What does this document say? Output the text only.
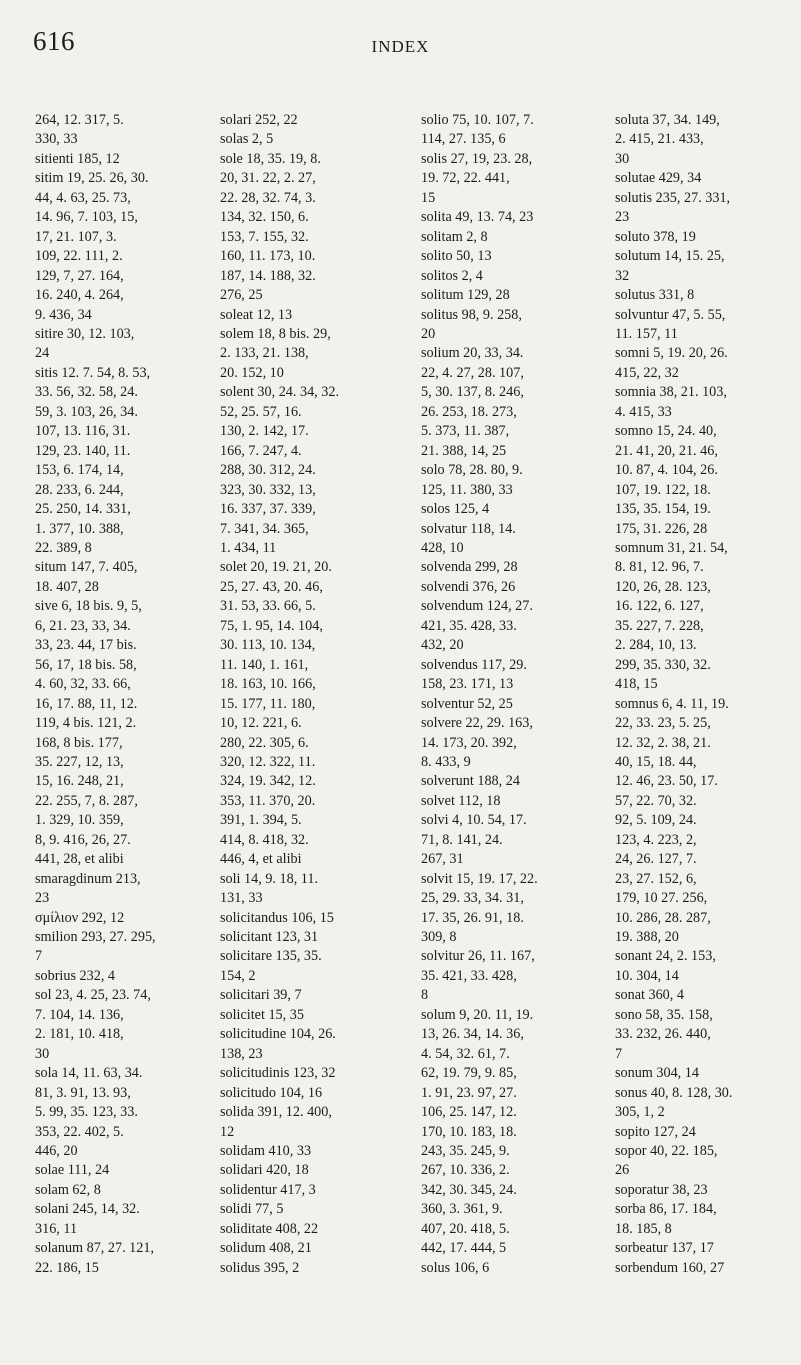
616	INDEX
264, 12. 317, 5.
330, 33
sitienti 185, 12
sitim 19, 25. 26, 30.
44, 4. 63, 25. 73,
14. 96, 7. 103, 15,
17, 21. 107, 3.
109, 22. 111, 2.
129, 7, 27. 164,
16. 240, 4. 264,
9. 436, 34
sitire 30, 12. 103,
24
sitis 12. 7. 54, 8. 53,
33. 56, 32. 58, 24.
59, 3. 103, 26, 34.
107, 13. 116, 31.
129, 23. 140, 11.
153, 6. 174, 14,
28. 233, 6. 244,
25. 250, 14. 331,
1. 377, 10. 388,
22. 389, 8
situm 147, 7. 405,
18. 407, 28
sive 6, 18 bis. 9, 5,
6, 21. 23, 33, 34.
33, 23. 44, 17 bis.
56, 17, 18 bis. 58,
4. 60, 32, 33. 66,
16, 17. 88, 11, 12.
119, 4 bis. 121, 2.
168, 8 bis. 177,
35. 227, 12, 13,
15, 16. 248, 21,
22. 255, 7, 8. 287,
1. 329, 10. 359,
8, 9. 416, 26, 27.
441, 28, et alibi
smaragdinum 213,
23
σμίλιον 292, 12
smilion 293, 27. 295,
7
sobrius 232, 4
sol 23, 4. 25, 23. 74,
7. 104, 14. 136,
2. 181, 10. 418,
30
sola 14, 11. 63, 34.
81, 3. 91, 13. 93,
5. 99, 35. 123, 33.
353, 22. 402, 5.
446, 20
solae 111, 24
solam 62, 8
solani 245, 14, 32.
316, 11
solanum 87, 27. 121,
22. 186, 15
solari 252, 22
solas 2, 5
sole 18, 35. 19, 8.
20, 31. 22, 2. 27,
22. 28, 32. 74, 3.
134, 32. 150, 6.
153, 7. 155, 32.
160, 11. 173, 10.
187, 14. 188, 32.
276, 25
soleat 12, 13
solem 18, 8 bis. 29,
2. 133, 21. 138,
20. 152, 10
solent 30, 24. 34, 32.
52, 25. 57, 16.
130, 2. 142, 17.
166, 7. 247, 4.
288, 30. 312, 24.
323, 30. 332, 13,
16. 337, 37. 339,
7. 341, 34. 365,
1. 434, 11
solet 20, 19. 21, 20.
25, 27. 43, 20. 46,
31. 53, 33. 66, 5.
75, 1. 95, 14. 104,
30. 113, 10. 134,
11. 140, 1. 161,
18. 163, 10. 166,
15. 177, 11. 180,
10, 12. 221, 6.
280, 22. 305, 6.
320, 12. 322, 11.
324, 19. 342, 12.
353, 11. 370, 20.
391, 1. 394, 5.
414, 8. 418, 32.
446, 4, et alibi
soli 14, 9. 18, 11.
131, 33
solicitandus 106, 15
solicitant 123, 31
solicitare 135, 35.
154, 2
solicitari 39, 7
solicitet 15, 35
solicitudine 104, 26.
138, 23
solicitudinis 123, 32
solicitudo 104, 16
solida 391, 12. 400,
12
solidam 410, 33
solidari 420, 18
solidentur 417, 3
solidi 77, 5
soliditate 408, 22
solidum 408, 21
solidus 395, 2
solio 75, 10. 107, 7.
114, 27. 135, 6
solis 27, 19, 23. 28,
19. 72, 22. 441,
15
solita 49, 13. 74, 23
solitam 2, 8
solito 50, 13
solitos 2, 4
solitum 129, 28
solitus 98, 9. 258,
20
solium 20, 33, 34.
22, 4. 27, 28. 107,
5, 30. 137, 8. 246,
26. 253, 18. 273,
5. 373, 11. 387,
21. 388, 14, 25
solo 78, 28. 80, 9.
125, 11. 380, 33
solos 125, 4
solvatur 118, 14.
428, 10
solvenda 299, 28
solvendi 376, 26
solvendum 124, 27.
421, 35. 428, 33.
432, 20
solvendus 117, 29.
158, 23. 171, 13
solventur 52, 25
solvere 22, 29. 163,
14. 173, 20. 392,
8. 433, 9
solverunt 188, 24
solvet 112, 18
solvi 4, 10. 54, 17.
71, 8. 141, 24.
267, 31
solvit 15, 19. 17, 22.
25, 29. 33, 34. 31,
17. 35, 26. 91, 18.
309, 8
solvitur 26, 11. 167,
35. 421, 33. 428,
8
solum 9, 20. 11, 19.
13, 26. 34, 14. 36,
4. 54, 32. 61, 7.
62, 19. 79, 9. 85,
1. 91, 23. 97, 27.
106, 25. 147, 12.
170, 10. 183, 18.
243, 35. 245, 9.
267, 10. 336, 2.
342, 30. 345, 24.
360, 3. 361, 9.
407, 20. 418, 5.
442, 17. 444, 5
solus 106, 6
soluta 37, 34. 149,
2. 415, 21. 433,
30
solutae 429, 34
solutis 235, 27. 331,
23
soluto 378, 19
solutum 14, 15. 25,
32
solutus 331, 8
solvuntur 47, 5. 55,
11. 157, 11
somni 5, 19. 20, 26.
415, 22, 32
somnia 38, 21. 103,
4. 415, 33
somno 15, 24. 40,
21. 41, 20, 21. 46,
10. 87, 4. 104, 26.
107, 19. 122, 18.
135, 35. 154, 19.
175, 31. 226, 28
somnum 31, 21. 54,
8. 81, 12. 96, 7.
120, 26, 28. 123,
16. 122, 6. 127,
35. 227, 7. 228,
2. 284, 10, 13.
299, 35. 330, 32.
418, 15
somnus 6, 4. 11, 19.
22, 33. 23, 5. 25,
12. 32, 2. 38, 21.
40, 15, 18. 44,
12. 46, 23. 50, 17.
57, 22. 70, 32.
92, 5. 109, 24.
123, 4. 223, 2,
24, 26. 127, 7.
23, 27. 152, 6,
179, 10 27. 256,
10. 286, 28. 287,
19. 388, 20
sonant 24, 2. 153,
10. 304, 14
sonat 360, 4
sono 58, 35. 158,
33. 232, 26. 440,
7
sonum 304, 14
sonus 40, 8. 128, 30.
305, 1, 2
sopito 127, 24
sopor 40, 22. 185,
26
soporatur 38, 23
sorba 86, 17. 184,
18. 185, 8
sorbeatur 137, 17
sorbendum 160, 27
